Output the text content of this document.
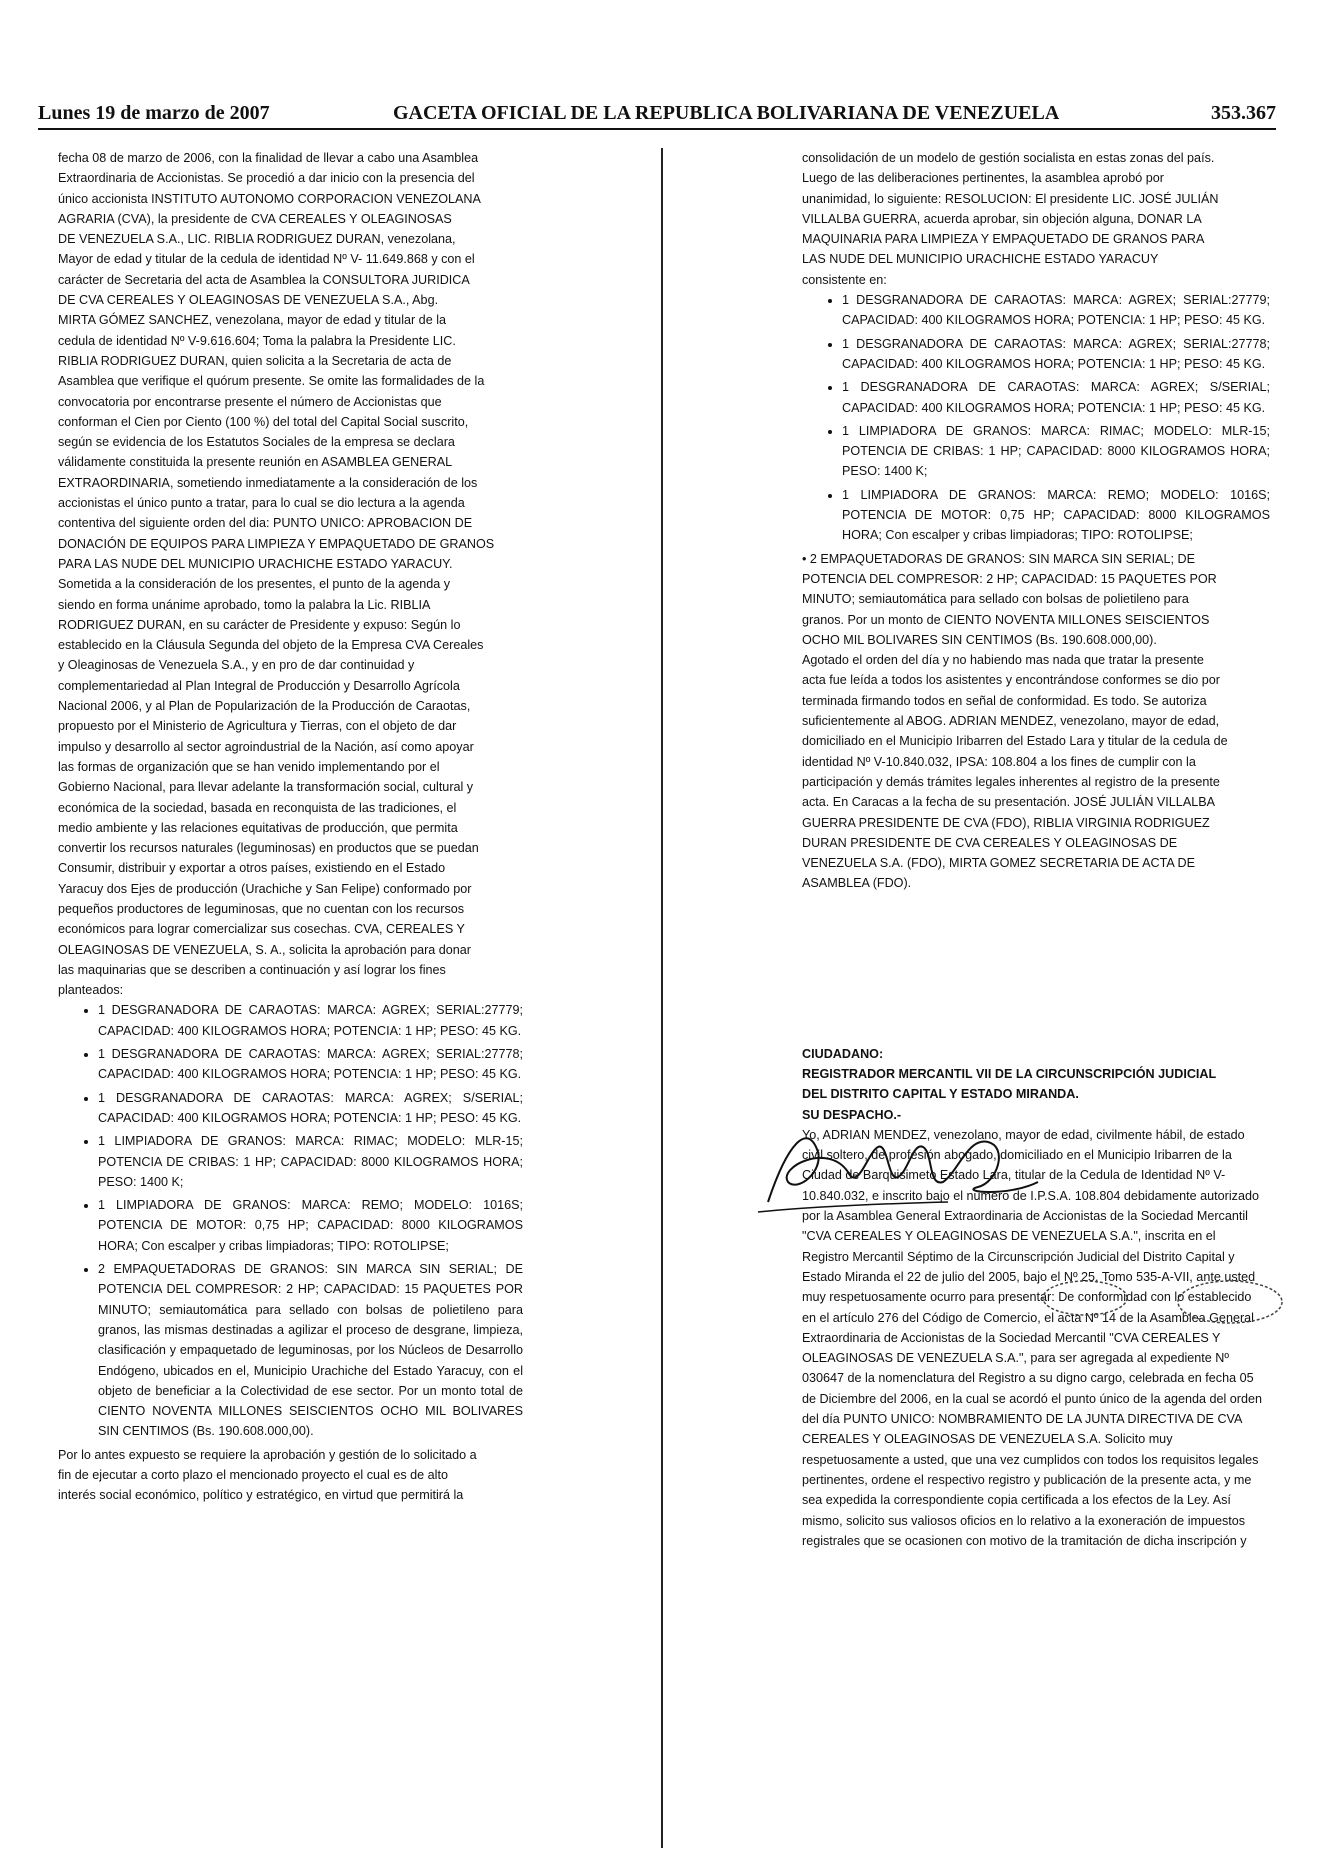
Lunes 19 de marzo de 2007	GACETA OFICIAL DE LA REPUBLICA BOLIVARIANA DE VENEZUELA	353.367

fecha 08 de marzo de 2006, con la finalidad de llevar a cabo una Asamblea

Extraordinaria de Accionistas. Se procedió a dar inicio con la presencia del

único accionista INSTITUTO AUTONOMO CORPORACION VENEZOLANA

AGRARIA (CVA), la presidente de CVA CEREALES Y OLEAGINOSAS

DE VENEZUELA S.A., LIC. RIBLIA RODRIGUEZ DURAN, venezolana,

Mayor de edad y titular de la cedula de identidad Nº V- 11.649.868 y con el

carácter de Secretaria del acta de Asamblea la CONSULTORA JURIDICA

DE CVA CEREALES Y OLEAGINOSAS DE VENEZUELA S.A., Abg.

MIRTA GÓMEZ SANCHEZ, venezolana, mayor de edad y titular de la

cedula de identidad Nº V-9.616.604; Toma la palabra la Presidente LIC.

RIBLIA RODRIGUEZ DURAN, quien solicita a la Secretaria de acta de

Asamblea que verifique el quórum presente. Se omite las formalidades de la

convocatoria por encontrarse presente el número de Accionistas que

conforman el Cien por Ciento (100 %) del total del Capital Social suscrito,

según se evidencia de los Estatutos Sociales de la empresa se declara

válidamente constituida la presente reunión en ASAMBLEA GENERAL

EXTRAORDINARIA, sometiendo inmediatamente a la consideración de los

accionistas el único punto a tratar, para lo cual se dio lectura a la agenda

contentiva del siguiente orden del dia: PUNTO UNICO: APROBACION DE

DONACIÓN DE EQUIPOS PARA LIMPIEZA Y EMPAQUETADO DE GRANOS

PARA LAS NUDE DEL MUNICIPIO URACHICHE ESTADO YARACUY.

Sometida a la consideración de los presentes, el punto de la agenda y

siendo en forma unánime aprobado, tomo la palabra la Lic. RIBLIA

RODRIGUEZ DURAN, en su carácter de Presidente y expuso: Según lo

establecido en la Cláusula Segunda del objeto de la Empresa CVA Cereales

y Oleaginosas de Venezuela S.A., y en pro de dar continuidad y

complementariedad al Plan Integral de Producción y Desarrollo Agrícola

Nacional 2006, y al Plan de Popularización de la Producción de Caraotas,

propuesto por el Ministerio de Agricultura y Tierras, con el objeto de dar

impulso y desarrollo al sector agroindustrial de la Nación, así como apoyar

las formas de organización que se han venido implementando por el

Gobierno Nacional, para llevar adelante la transformación social, cultural y

económica de la sociedad, basada en reconquista de las tradiciones, el

medio ambiente y las relaciones equitativas de producción, que permita

convertir los recursos naturales (leguminosas) en productos que se puedan

Consumir, distribuir y exportar a otros países, existiendo en el Estado

Yaracuy dos Ejes de producción (Urachiche y San Felipe) conformado por

pequeños productores de leguminosas, que no cuentan con los recursos

económicos para lograr comercializar sus cosechas. CVA, CEREALES Y

OLEAGINOSAS DE VENEZUELA, S. A., solicita la aprobación para donar

las maquinarias que se describen a continuación y así lograr los fines

planteados:

• 1 DESGRANADORA DE CARAOTAS: MARCA: AGREX; SERIAL:27779; CAPACIDAD: 400 KILOGRAMOS HORA; POTENCIA: 1 HP; PESO: 45 KG.
• 1 DESGRANADORA DE CARAOTAS: MARCA: AGREX; SERIAL:27778; CAPACIDAD: 400 KILOGRAMOS HORA; POTENCIA: 1 HP; PESO: 45 KG.
• 1 DESGRANADORA DE CARAOTAS: MARCA: AGREX; S/SERIAL; CAPACIDAD: 400 KILOGRAMOS HORA; POTENCIA: 1 HP; PESO: 45 KG.
• 1 LIMPIADORA DE GRANOS: MARCA: RIMAC; MODELO: MLR-15; POTENCIA DE CRIBAS: 1 HP; CAPACIDAD: 8000 KILOGRAMOS HORA; PESO: 1400 K;
• 1 LIMPIADORA DE GRANOS: MARCA: REMO; MODELO: 1016S; POTENCIA DE MOTOR: 0,75 HP; CAPACIDAD: 8000 KILOGRAMOS HORA; Con escalper y cribas limpiadoras; TIPO: ROTOLIPSE;
• 2 EMPAQUETADORAS DE GRANOS: SIN MARCA SIN SERIAL; DE POTENCIA DEL COMPRESOR: 2 HP; CAPACIDAD: 15 PAQUETES POR MINUTO; semiautomática para sellado con bolsas de polietileno para granos, las mismas destinadas a agilizar el proceso de desgrane, limpieza, clasificación y empaquetado de leguminosas, por los Núcleos de Desarrollo Endógeno, ubicados en el, Municipio Urachiche del Estado Yaracuy, con el objeto de beneficiar a la Colectividad de ese sector. Por un monto total de CIENTO NOVENTA MILLONES SEISCIENTOS OCHO MIL BOLIVARES SIN CENTIMOS (Bs. 190.608.000,00).

Por lo antes expuesto se requiere la aprobación y gestión de lo solicitado a

fin de ejecutar a corto plazo el mencionado proyecto el cual es de alto

interés social económico, político y estratégico, en virtud que permitirá la

consolidación de un modelo de gestión socialista en estas zonas del país.

Luego de las deliberaciones pertinentes, la asamblea aprobó por

unanimidad, lo siguiente: RESOLUCION: El presidente LIC. JOSÉ JULIÁN

VILLALBA GUERRA, acuerda aprobar, sin objeción alguna, DONAR LA

MAQUINARIA PARA LIMPIEZA Y EMPAQUETADO DE GRANOS PARA

LAS NUDE DEL MUNICIPIO URACHICHE ESTADO YARACUY

consistente en:

• 1 DESGRANADORA DE CARAOTAS: MARCA: AGREX; SERIAL:27779; CAPACIDAD: 400 KILOGRAMOS HORA; POTENCIA: 1 HP; PESO: 45 KG.
• 1 DESGRANADORA DE CARAOTAS: MARCA: AGREX; SERIAL:27778; CAPACIDAD: 400 KILOGRAMOS HORA; POTENCIA: 1 HP; PESO: 45 KG.
• 1 DESGRANADORA DE CARAOTAS: MARCA: AGREX; S/SERIAL; CAPACIDAD: 400 KILOGRAMOS HORA; POTENCIA: 1 HP; PESO: 45 KG.
• 1 LIMPIADORA DE GRANOS: MARCA: RIMAC; MODELO: MLR-15; POTENCIA DE CRIBAS: 1 HP; CAPACIDAD: 8000 KILOGRAMOS HORA; PESO: 1400 K;
• 1 LIMPIADORA DE GRANOS: MARCA: REMO; MODELO: 1016S; POTENCIA DE MOTOR: 0,75 HP; CAPACIDAD: 8000 KILOGRAMOS HORA; Con escalper y cribas limpiadoras; TIPO: ROTOLIPSE;

• 2 EMPAQUETADORAS DE GRANOS: SIN MARCA SIN SERIAL; DE

POTENCIA DEL COMPRESOR: 2 HP; CAPACIDAD: 15 PAQUETES POR

MINUTO; semiautomática para sellado con bolsas de polietileno para

granos. Por un monto de CIENTO NOVENTA MILLONES SEISCIENTOS

OCHO MIL BOLIVARES SIN CENTIMOS (Bs. 190.608.000,00).

Agotado el orden del día y no habiendo mas nada que tratar la presente

acta fue leída a todos los asistentes y encontrándose conformes se dio por

terminada firmando todos en señal de conformidad. Es todo. Se autoriza

suficientemente al ABOG. ADRIAN MENDEZ, venezolano, mayor de edad,

domiciliado en el Municipio Iribarren del Estado Lara y titular de la cedula de

identidad Nº V-10.840.032, IPSA: 108.804 a los fines de cumplir con la

participación y demás trámites legales inherentes al registro de la presente

acta. En Caracas a la fecha de su presentación. JOSÉ JULIÁN VILLALBA

GUERRA PRESIDENTE DE CVA (FDO), RIBLIA VIRGINIA RODRIGUEZ

DURAN PRESIDENTE DE CVA CEREALES Y OLEAGINOSAS DE

VENEZUELA S.A. (FDO), MIRTA GOMEZ SECRETARIA DE ACTA DE

ASAMBLEA (FDO).

CIUDADANO:

REGISTRADOR MERCANTIL VII DE LA CIRCUNSCRIPCIÓN JUDICIAL

DEL DISTRITO CAPITAL Y ESTADO MIRANDA.

SU DESPACHO.-

Yo, ADRIAN MENDEZ, venezolano, mayor de edad, civilmente hábil, de estado

civil soltero, de profesión abogado, domiciliado en el Municipio Iribarren de la

Ciudad de Barquisimeto Estado Lara, titular de la Cedula de Identidad Nº V-

10.840.032, e inscrito bajo el numero de I.P.S.A. 108.804 debidamente autorizado

por la Asamblea General Extraordinaria de Accionistas de la Sociedad Mercantil

"CVA CEREALES Y OLEAGINOSAS DE VENEZUELA S.A.", inscrita en el

Registro Mercantil Séptimo de la Circunscripción Judicial del Distrito Capital y

Estado Miranda el 22 de julio del 2005, bajo el Nº 25, Tomo 535-A-VII, ante usted

muy respetuosamente ocurro para presentar: De conformidad con lo establecido

en el artículo 276 del Código de Comercio, el acta Nº 14 de la Asamblea General

Extraordinaria de Accionistas de la Sociedad Mercantil "CVA CEREALES Y

OLEAGINOSAS DE VENEZUELA S.A.", para ser agregada al expediente Nº

030647 de la nomenclatura del Registro a su digno cargo, celebrada en fecha 05

de Diciembre del 2006, en la cual se acordó el punto único de la agenda del orden

del día PUNTO UNICO: NOMBRAMIENTO DE LA JUNTA DIRECTIVA DE CVA

CEREALES Y OLEAGINOSAS DE VENEZUELA S.A. Solicito muy

respetuosamente a usted, que una vez cumplidos con todos los requisitos legales

pertinentes, ordene el respectivo registro y publicación de la presente acta, y me

sea expedida la correspondiente copia certificada a los efectos de la Ley. Así

mismo, solicito sus valiosos oficios en lo relativo a la exoneración de impuestos

registrales que se ocasionen con motivo de la tramitación de dicha inscripción y
